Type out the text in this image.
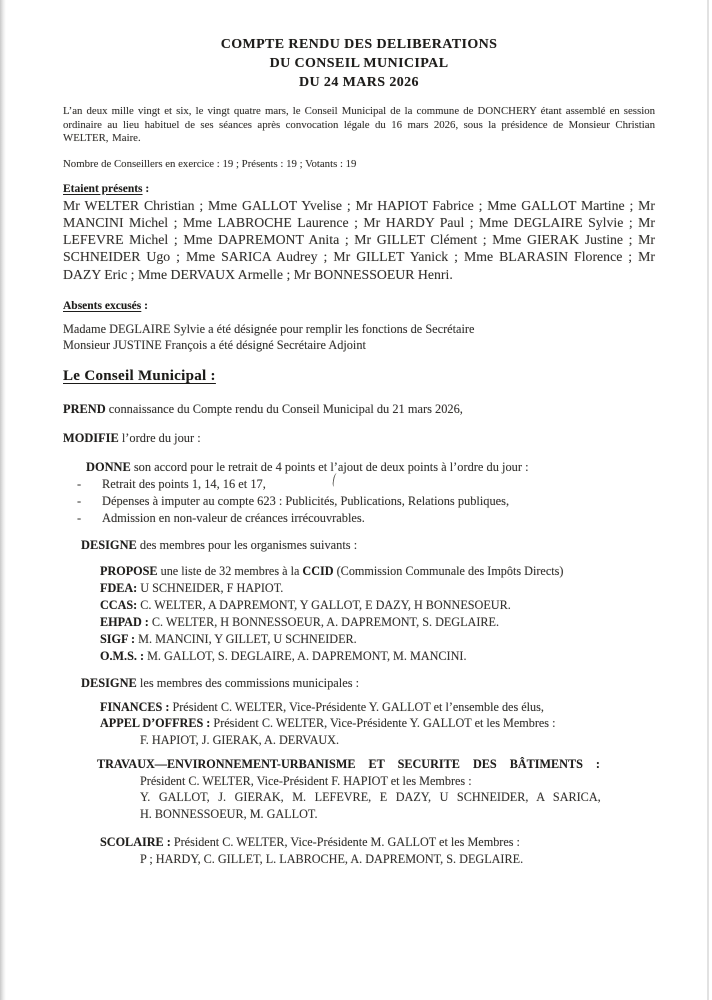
COMPTE RENDU DES DELIBERATIONS
DU CONSEIL MUNICIPAL
DU 24 MARS 2026

L’an deux mille vingt et six, le vingt quatre mars, le Conseil Municipal de la commune de DONCHERY étant assemblé en session ordinaire au lieu habituel de ses séances après convocation légale du 16 mars 2026, sous la présidence de Monsieur Christian WELTER, Maire.

Nombre de Conseillers en exercice : 19 ; Présents : 19 ; Votants : 19

Etaient présents :

Mr WELTER Christian ; Mme GALLOT Yvelise ; Mr HAPIOT Fabrice ; Mme GALLOT Martine ; Mr MANCINI Michel ; Mme LABROCHE Laurence ; Mr HARDY Paul ; Mme DEGLAIRE Sylvie ; Mr LEFEVRE Michel ; Mme DAPREMONT Anita ; Mr GILLET Clément ; Mme GIERAK Justine ; Mr SCHNEIDER Ugo ; Mme SARICA Audrey ; Mr GILLET Yanick ; Mme BLARASIN Florence ; Mr DAZY Eric ; Mme DERVAUX Armelle ; Mr BONNESSOEUR Henri.

Absents excusés :

Madame DEGLAIRE Sylvie a été désignée pour remplir les fonctions de Secrétaire
Monsieur JUSTINE François a été désigné Secrétaire Adjoint

Le Conseil Municipal :

PREND connaissance du Compte rendu du Conseil Municipal du 21 mars 2026,

MODIFIE l’ordre du jour :

DONNE son accord pour le retrait de 4 points et l’ajout de deux points à l’ordre du jour :
-	Retrait des points 1, 14, 16 et 17,
-	Dépenses à imputer au compte 623 : Publicités, Publications, Relations publiques,
-	Admission en non-valeur de créances irrécouvrables.

DESIGNE des membres pour les organismes suivants :

PROPOSE une liste de 32 membres à la CCID (Commission Communale des Impôts Directs)
FDEA: U SCHNEIDER, F HAPIOT.
CCAS: C. WELTER, A DAPREMONT, Y GALLOT, E DAZY, H BONNESOEUR.
EHPAD : C. WELTER, H BONNESSOEUR, A. DAPREMONT, S. DEGLAIRE.
SIGF : M. MANCINI, Y GILLET, U SCHNEIDER.
O.M.S. : M. GALLOT, S. DEGLAIRE, A. DAPREMONT, M. MANCINI.

DESIGNE les membres des commissions municipales :

FINANCES : Président C. WELTER, Vice-Présidente Y. GALLOT et l’ensemble des élus,
APPEL D’OFFRES : Président C. WELTER, Vice-Présidente Y. GALLOT et les Membres :
F. HAPIOT, J. GIERAK, A. DERVAUX.
TRAVAUX—ENVIRONNEMENT-URBANISME ET SECURITE DES BÂTIMENTS :
Président C. WELTER, Vice-Président F. HAPIOT et les Membres :
Y. GALLOT, J. GIERAK, M. LEFEVRE, E DAZY, U SCHNEIDER, A SARICA,
H. BONNESSOEUR, M. GALLOT.
SCOLAIRE : Président C. WELTER, Vice-Présidente M. GALLOT et les Membres :
P ; HARDY, C. GILLET, L. LABROCHE, A. DAPREMONT, S. DEGLAIRE.
